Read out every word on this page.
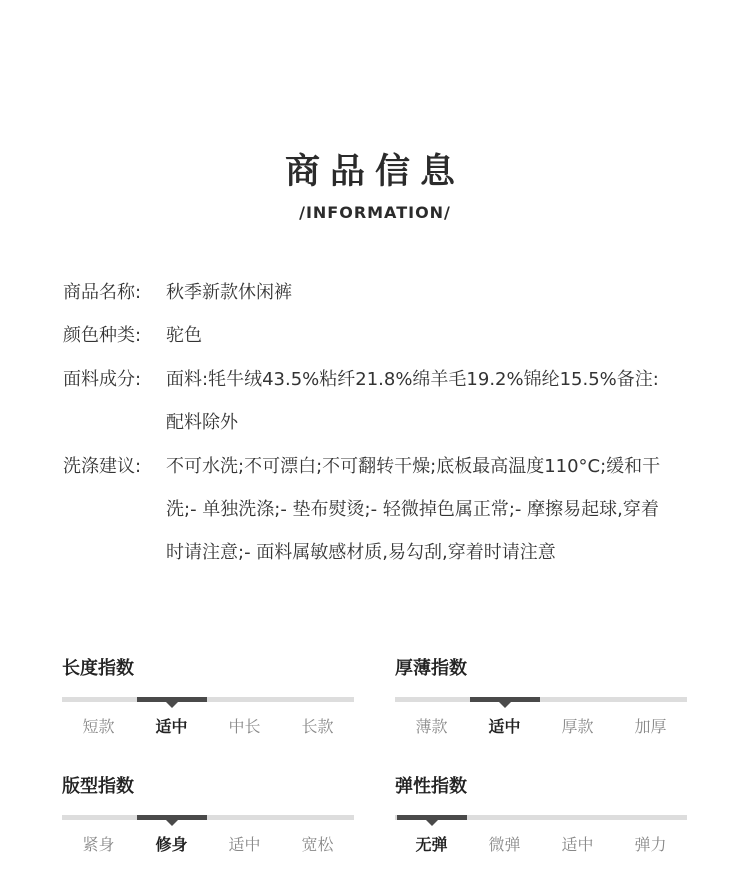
商品信息
/INFORMATION/
商品名称: 秋季新款休闲裤
颜色种类: 驼色
面料成分: 面料:牦牛绒43.5%粘纤21.8%绵羊毛19.2%锦纶15.5%备注:
配料除外
洗涤建议: 不可水洗;不可漂白;不可翻转干燥;底板最高温度110°C;缓和干
洗;- 单独洗涤;- 垫布熨烫;- 轻微掉色属正常;- 摩擦易起球,穿着
时请注意;- 面料属敏感材质,易勾刮,穿着时请注意
长度指数
短款	适中	中长	长款
厚薄指数
薄款	适中	厚款	加厚
版型指数
紧身	修身	适中	宽松
弹性指数
无弹	微弹	适中	弹力
